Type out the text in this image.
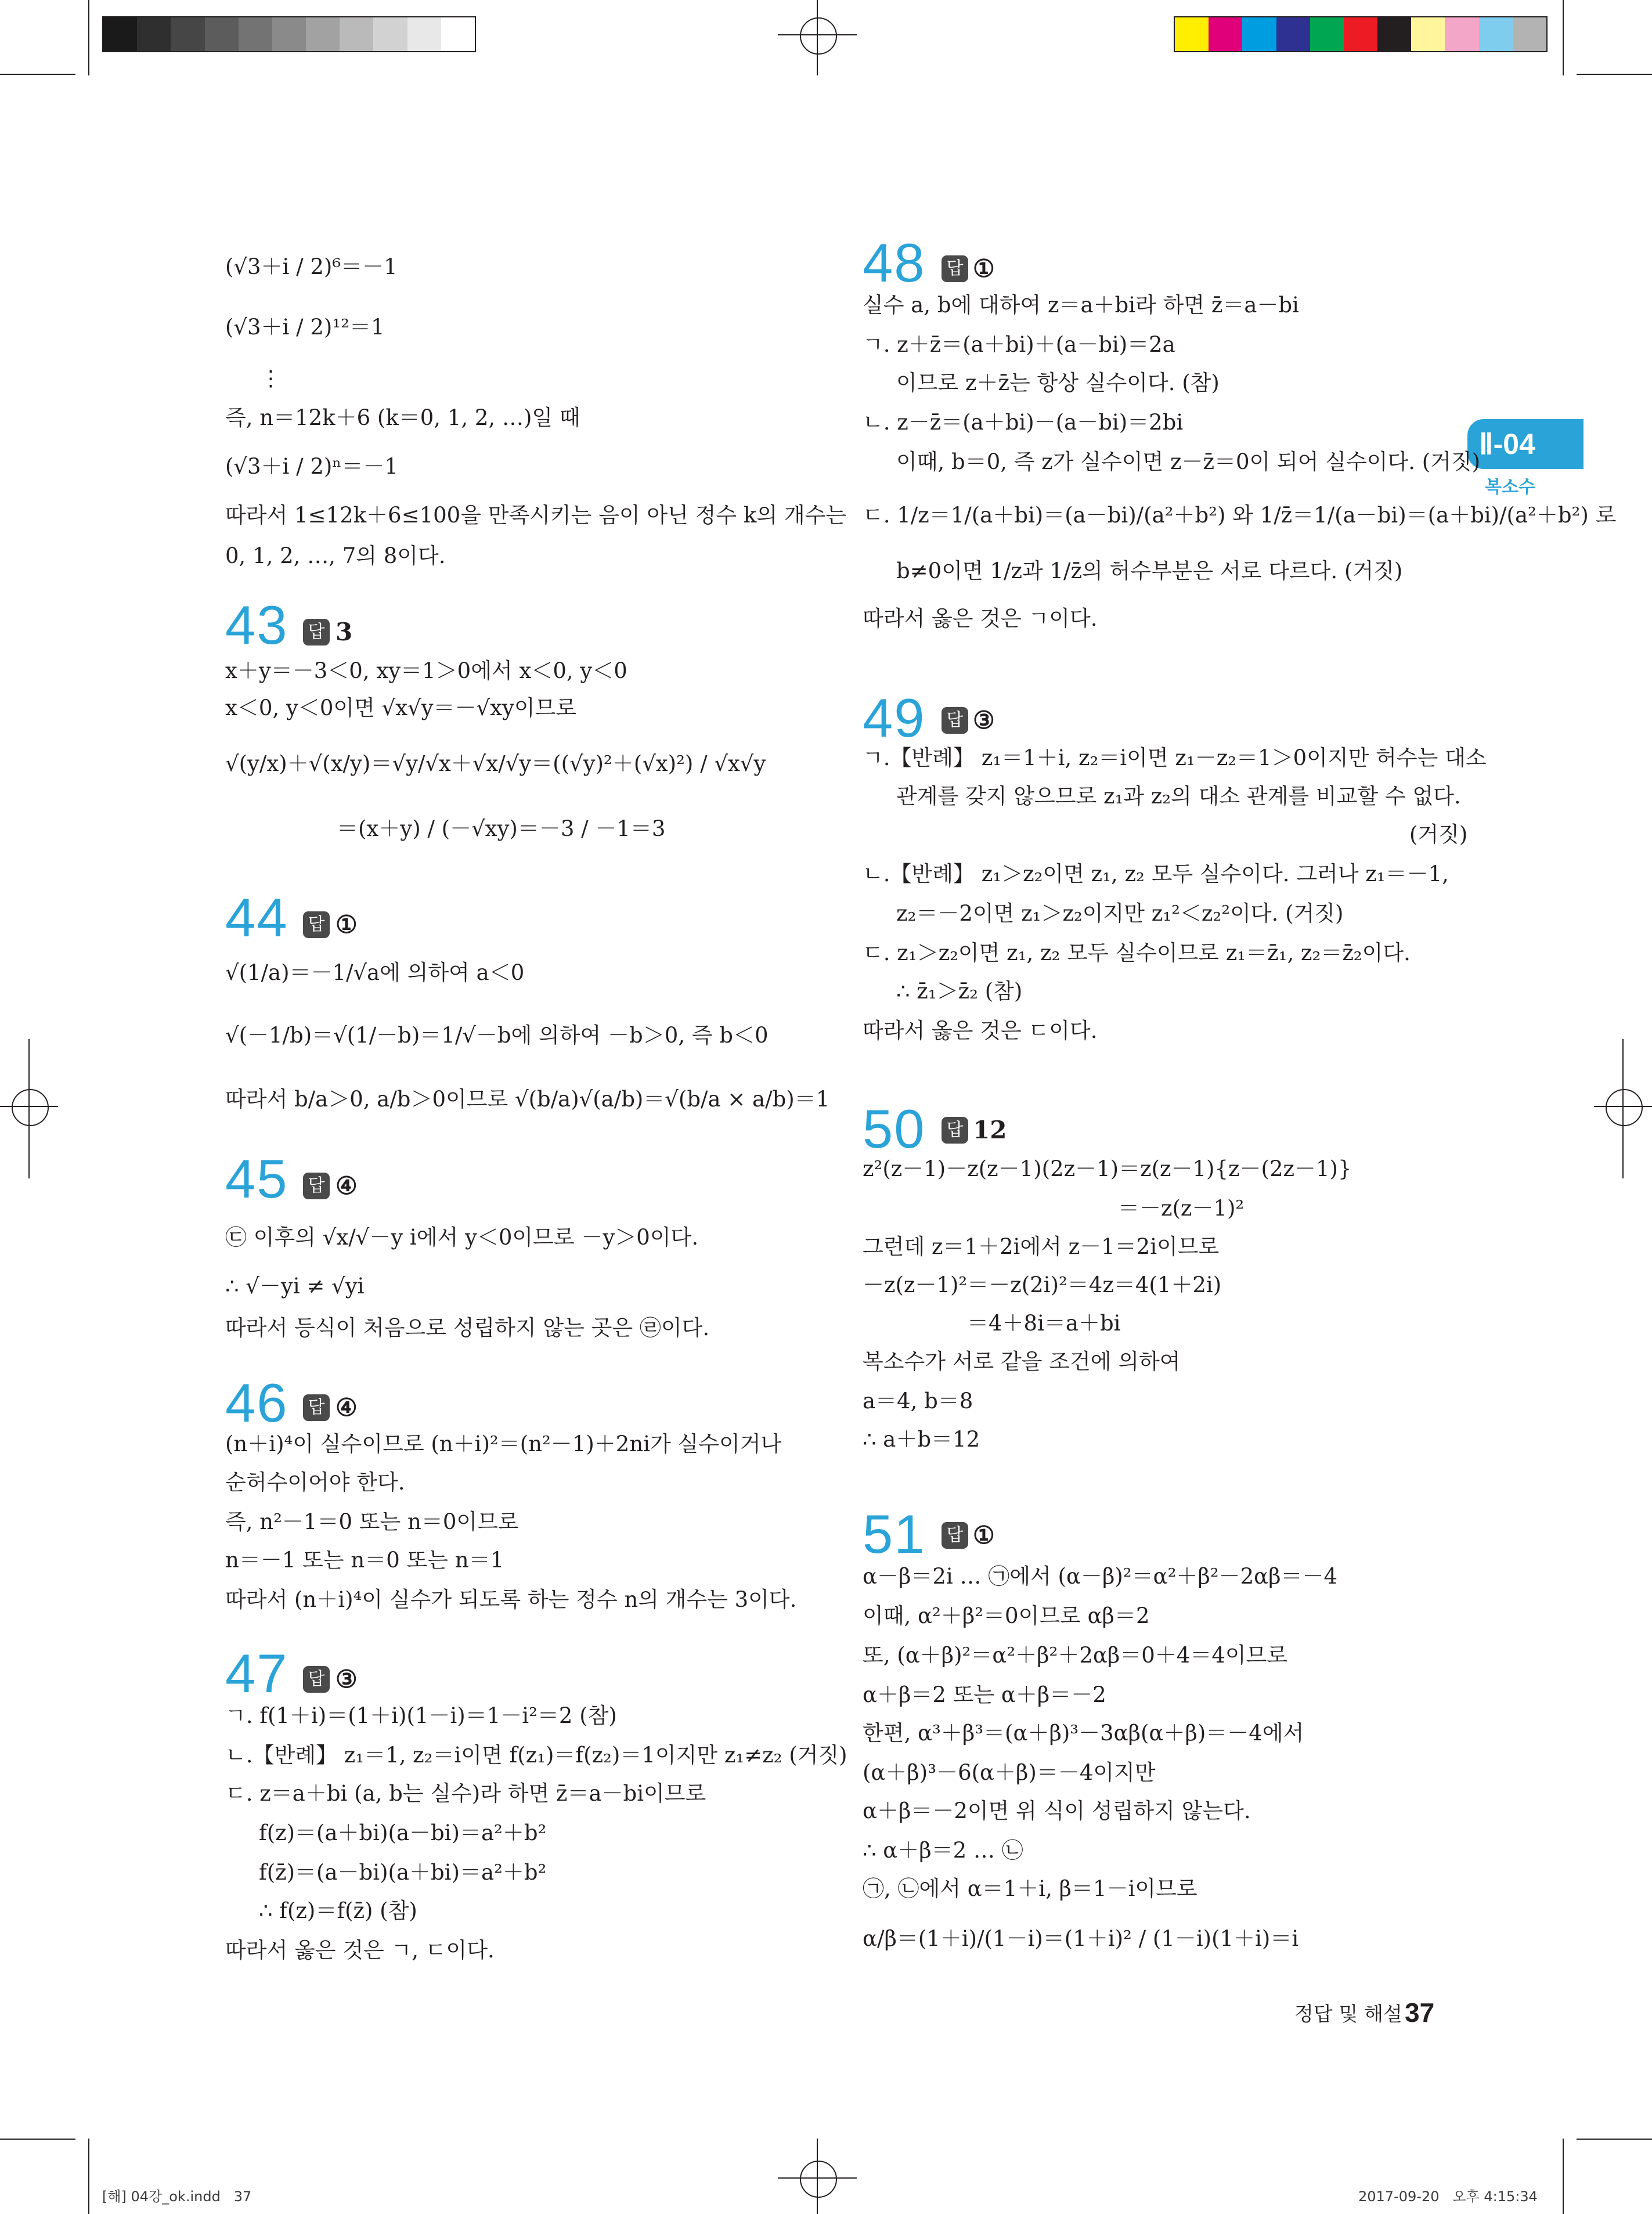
Ⅱ-04
복소수
(√3＋i / 2)⁶＝－1
(√3＋i / 2)¹²＝1
⋮
즉, n＝12k＋6 (k＝0, 1, 2, …)일 때
(√3＋i / 2)ⁿ＝－1
따라서 1≤12k＋6≤100을 만족시키는 음이 아닌 정수 k의 개수는
0, 1, 2, …, 7의 8이다.
43 답 3
x＋y＝－3＜0, xy＝1＞0에서 x＜0, y＜0
x＜0, y＜0이면 √x√y＝－√xy이므로
√(y/x)＋√(x/y)＝√y/√x＋√x/√y＝((√y)²＋(√x)²) / √x√y
＝(x＋y) / (－√xy)＝－3 / －1＝3
44 답 ①
√(1/a)＝－1/√a에 의하여 a＜0
√(－1/b)＝√(1/－b)＝1/√－b에 의하여 －b＞0, 즉 b＜0
따라서 b/a＞0, a/b＞0이므로 √(b/a)√(a/b)＝√(b/a × a/b)＝1
45 답 ④
㉢ 이후의 √x/√－y i에서 y＜0이므로 －y＞0이다.
∴ √－yi ≠ √yi
따라서 등식이 처음으로 성립하지 않는 곳은 ㉣이다.
46 답 ④
(n＋i)⁴이 실수이므로 (n＋i)²＝(n²－1)＋2ni가 실수이거나
순허수이어야 한다.
즉, n²－1＝0 또는 n＝0이므로
n＝－1 또는 n＝0 또는 n＝1
따라서 (n＋i)⁴이 실수가 되도록 하는 정수 n의 개수는 3이다.
47 답 ③
ㄱ. f(1＋i)＝(1＋i)(1－i)＝1－i²＝2 (참)
ㄴ.【반례】 z₁＝1, z₂＝i이면 f(z₁)＝f(z₂)＝1이지만 z₁≠z₂ (거짓)
ㄷ. z＝a＋bi (a, b는 실수)라 하면 z̄＝a－bi이므로
f(z)＝(a＋bi)(a－bi)＝a²＋b²
f(z̄)＝(a－bi)(a＋bi)＝a²＋b²
∴ f(z)＝f(z̄) (참)
따라서 옳은 것은 ㄱ, ㄷ이다.
48 답 ①
실수 a, b에 대하여 z＝a＋bi라 하면 z̄＝a－bi
ㄱ. z＋z̄＝(a＋bi)＋(a－bi)＝2a
이므로 z＋z̄는 항상 실수이다. (참)
ㄴ. z－z̄＝(a＋bi)－(a－bi)＝2bi
이때, b＝0, 즉 z가 실수이면 z－z̄＝0이 되어 실수이다. (거짓)
ㄷ. 1/z＝1/(a＋bi)＝(a－bi)/(a²＋b²) 와 1/z̄＝1/(a－bi)＝(a＋bi)/(a²＋b²) 로
b≠0이면 1/z과 1/z̄의 허수부분은 서로 다르다. (거짓)
따라서 옳은 것은 ㄱ이다.
49 답 ③
ㄱ.【반례】 z₁＝1＋i, z₂＝i이면 z₁－z₂＝1＞0이지만 허수는 대소
관계를 갖지 않으므로 z₁과 z₂의 대소 관계를 비교할 수 없다.
(거짓)
ㄴ.【반례】 z₁＞z₂이면 z₁, z₂ 모두 실수이다. 그러나 z₁＝－1,
z₂＝－2이면 z₁＞z₂이지만 z₁²＜z₂²이다. (거짓)
ㄷ. z₁＞z₂이면 z₁, z₂ 모두 실수이므로 z₁＝z̄₁, z₂＝z̄₂이다.
∴ z̄₁＞z̄₂ (참)
따라서 옳은 것은 ㄷ이다.
50 답 12
z²(z－1)－z(z－1)(2z－1)＝z(z－1){z－(2z－1)}
＝－z(z－1)²
그런데 z＝1＋2i에서 z－1＝2i이므로
－z(z－1)²＝－z(2i)²＝4z＝4(1＋2i)
＝4＋8i＝a＋bi
복소수가 서로 같을 조건에 의하여
a＝4, b＝8
∴ a＋b＝12
51 답 ①
α－β＝2i … ㉠에서 (α－β)²＝α²＋β²－2αβ＝－4
이때, α²＋β²＝0이므로 αβ＝2
또, (α＋β)²＝α²＋β²＋2αβ＝0＋4＝4이므로
α＋β＝2 또는 α＋β＝－2
한편, α³＋β³＝(α＋β)³－3αβ(α＋β)＝－4에서
(α＋β)³－6(α＋β)＝－4이지만
α＋β＝－2이면 위 식이 성립하지 않는다.
∴ α＋β＝2 … ㉡
㉠, ㉡에서 α＝1＋i, β＝1－i이므로
α/β＝(1＋i)/(1－i)＝(1＋i)² / (1－i)(1＋i)＝i
정답 및 해설 37
[해] 04강_ok.indd   37	2017-09-20   오후 4:15:34
